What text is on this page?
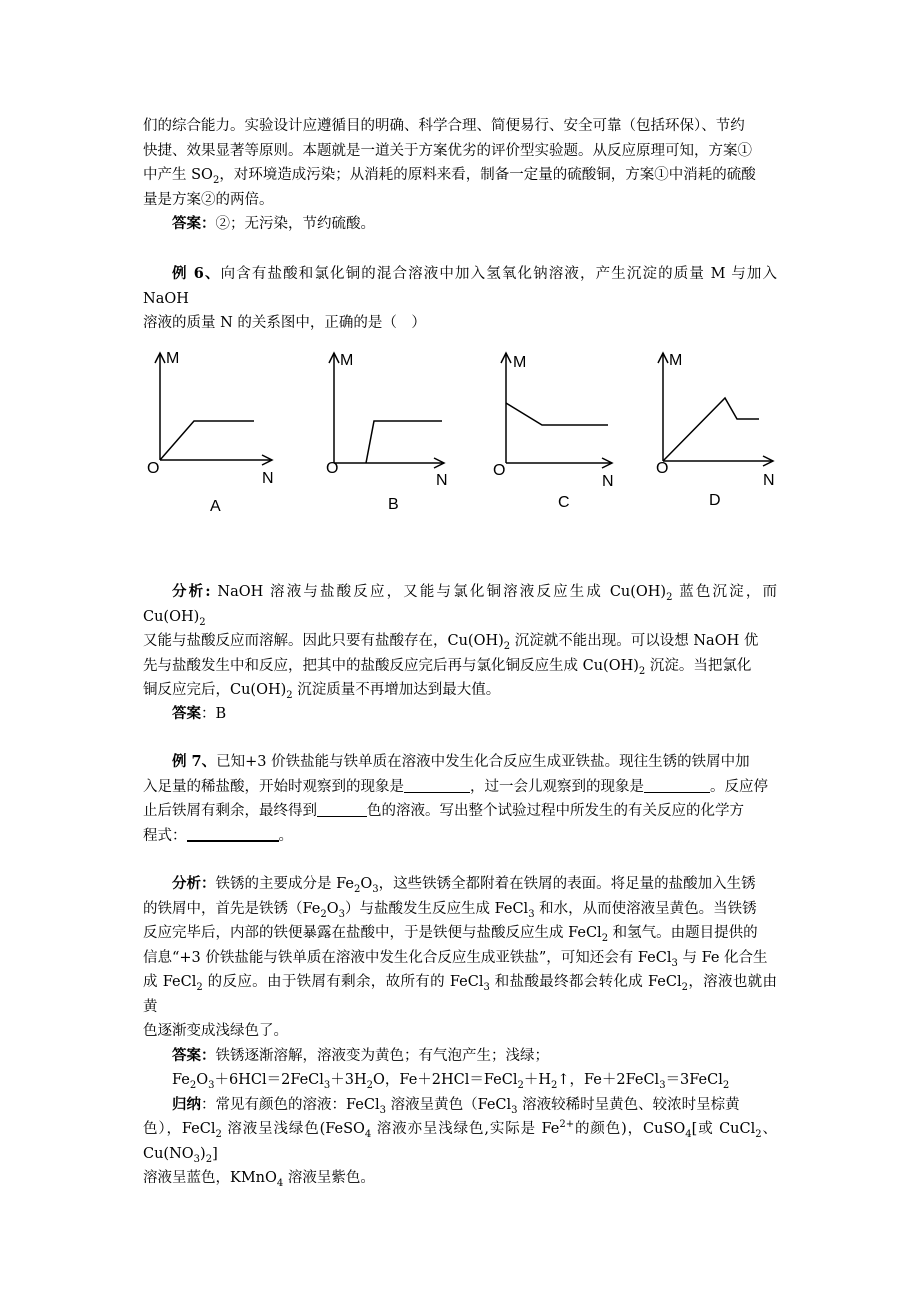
们的综合能力。实验设计应遵循目的明确、科学合理、简便易行、安全可靠（包括环保）、节约

快捷、效果显著等原则。本题就是一道关于方案优劣的评价型实验题。从反应原理可知，方案①

中产生 $SO_2$，对环境造成污染；从消耗的原料来看，制备一定量的硫酸铜，方案①中消耗的硫酸

量是方案②的两倍。

答案：②；无污染，节约硫酸。

例 6、向含有盐酸和氯化铜的混合溶液中加入氢氧化钠溶液，产生沉淀的质量 M 与加入 NaOH

溶液的质量 N 的关系图中，正确的是（　）

M
O
N
A
M
O
N
B
M
O
N
C
M
O
N
D

分析: NaOH 溶液与盐酸反应，又能与氯化铜溶液反应生成 $Cu(OH)_2$ 蓝色沉淀，而 $Cu(OH)_2$

又能与盐酸反应而溶解。因此只要有盐酸存在，$Cu(OH)_2$ 沉淀就不能出现。可以设想 NaOH 优

先与盐酸发生中和反应，把其中的盐酸反应完后再与氯化铜反应生成 $Cu(OH)_2$ 沉淀。当把氯化

铜反应完后，$Cu(OH)_2$ 沉淀质量不再增加达到最大值。

答案：B

例 7、已知+3 价铁盐能与铁单质在溶液中发生化合反应生成亚铁盐。现往生锈的铁屑中加

入足量的稀盐酸，开始时观察到的现象是	，过一会儿观察到的现象是	。反应停

止后铁屑有剩余，最终得到	色的溶液。写出整个试验过程中所发生的有关反应的化学方

程式：	。

分析：铁锈的主要成分是 $Fe_2O_3$，这些铁锈全都附着在铁屑的表面。将足量的盐酸加入生锈

的铁屑中，首先是铁锈$(Fe_2O_3)$与盐酸发生反应生成 FeCl$_3$ 和水，从而使溶液呈黄色。当铁锈

反应完毕后，内部的铁便暴露在盐酸中，于是铁便与盐酸反应生成 FeCl$_2$ 和氢气。由题目提供的

信息“+3 价铁盐能与铁单质在溶液中发生化合反应生成亚铁盐”，可知还会有 FeCl$_3$ 与 Fe 化合生

成 FeCl$_2$ 的反应。由于铁屑有剩余，故所有的 FeCl$_3$ 和盐酸最终都会转化成 FeCl$_2$，溶液也就由黄

色逐渐变成浅绿色了。

答案：铁锈逐渐溶解，溶液变为黄色；有气泡产生；浅绿；

$Fe_2O_3+6HCl=2FeCl_3+3H_2O$，$Fe+2HCl=FeCl_2+H_2↑$，Fe＋2FeCl$_3$＝3FeCl$_2$

归纳：常见有颜色的溶液：FeCl$_3$ 溶液呈黄色（FeCl$_3$ 溶液较稀时呈黄色、较浓时呈棕黄

色），FeCl$_2$ 溶液呈浅绿色(FeSO$_4$ 溶液亦呈浅绿色,实际是 $Fe^{2+}$的颜色)，CuSO$_4$[或 CuCl$_2$、$Cu(NO_3)_2$]

溶液呈蓝色，KMnO$_4$ 溶液呈紫色。
